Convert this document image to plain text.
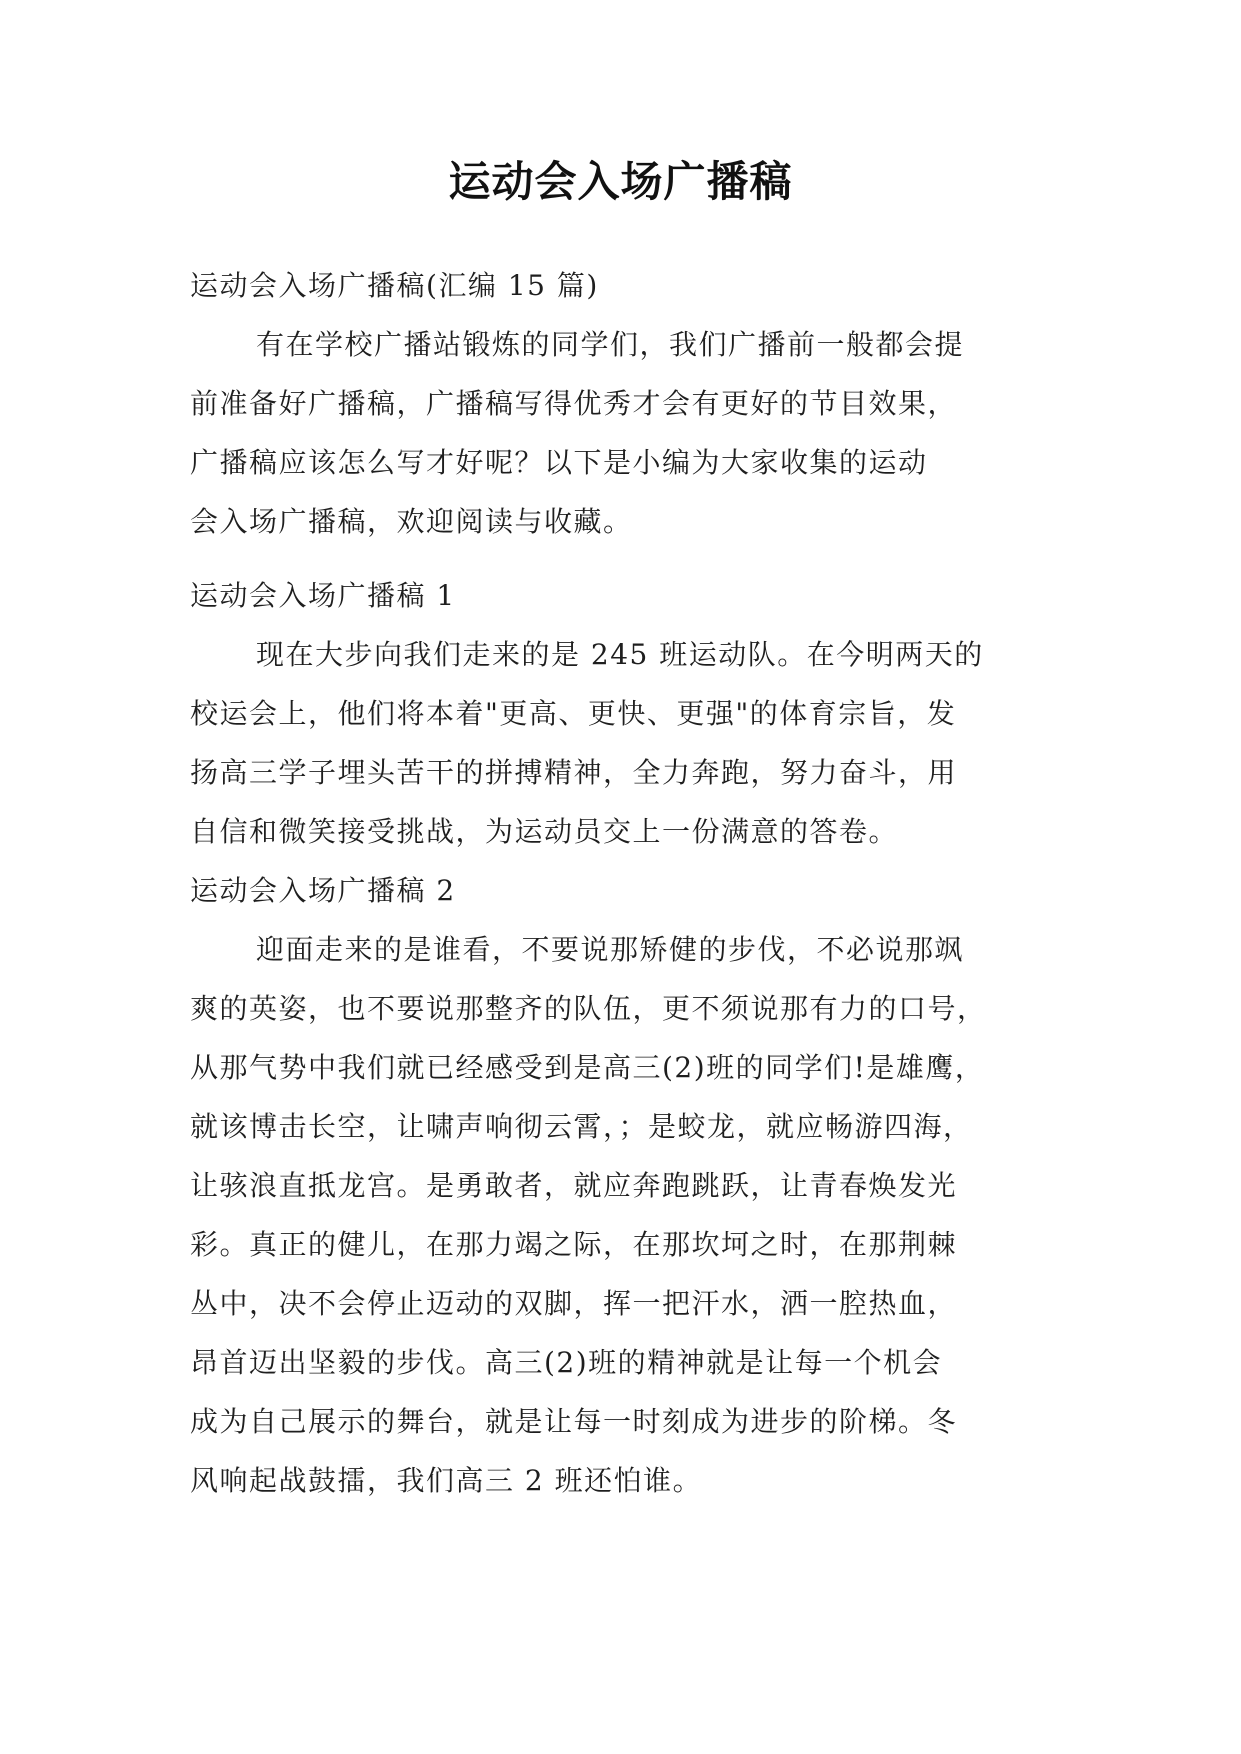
运动会入场广播稿
运动会入场广播稿(汇编 15 篇)
有在学校广播站锻炼的同学们，我们广播前一般都会提
前准备好广播稿，广播稿写得优秀才会有更好的节目效果，
广播稿应该怎么写才好呢？以下是小编为大家收集的运动
会入场广播稿，欢迎阅读与收藏。
运动会入场广播稿 1
现在大步向我们走来的是 245 班运动队。在今明两天的
校运会上，他们将本着"更高、更快、更强"的体育宗旨，发
扬高三学子埋头苦干的拼搏精神，全力奔跑，努力奋斗，用
自信和微笑接受挑战，为运动员交上一份满意的答卷。
运动会入场广播稿 2
迎面走来的是谁看，不要说那矫健的步伐，不必说那飒
爽的英姿，也不要说那整齐的队伍，更不须说那有力的口号，
从那气势中我们就已经感受到是高三(2)班的同学们!是雄鹰，
就该博击长空，让啸声响彻云霄，；是蛟龙，就应畅游四海，
让骇浪直抵龙宫。是勇敢者，就应奔跑跳跃，让青春焕发光
彩。真正的健儿，在那力竭之际，在那坎坷之时，在那荆棘
丛中，决不会停止迈动的双脚，挥一把汗水，洒一腔热血，
昂首迈出坚毅的步伐。高三(2)班的精神就是让每一个机会
成为自己展示的舞台，就是让每一时刻成为进步的阶梯。冬
风响起战鼓擂，我们高三 2 班还怕谁。
